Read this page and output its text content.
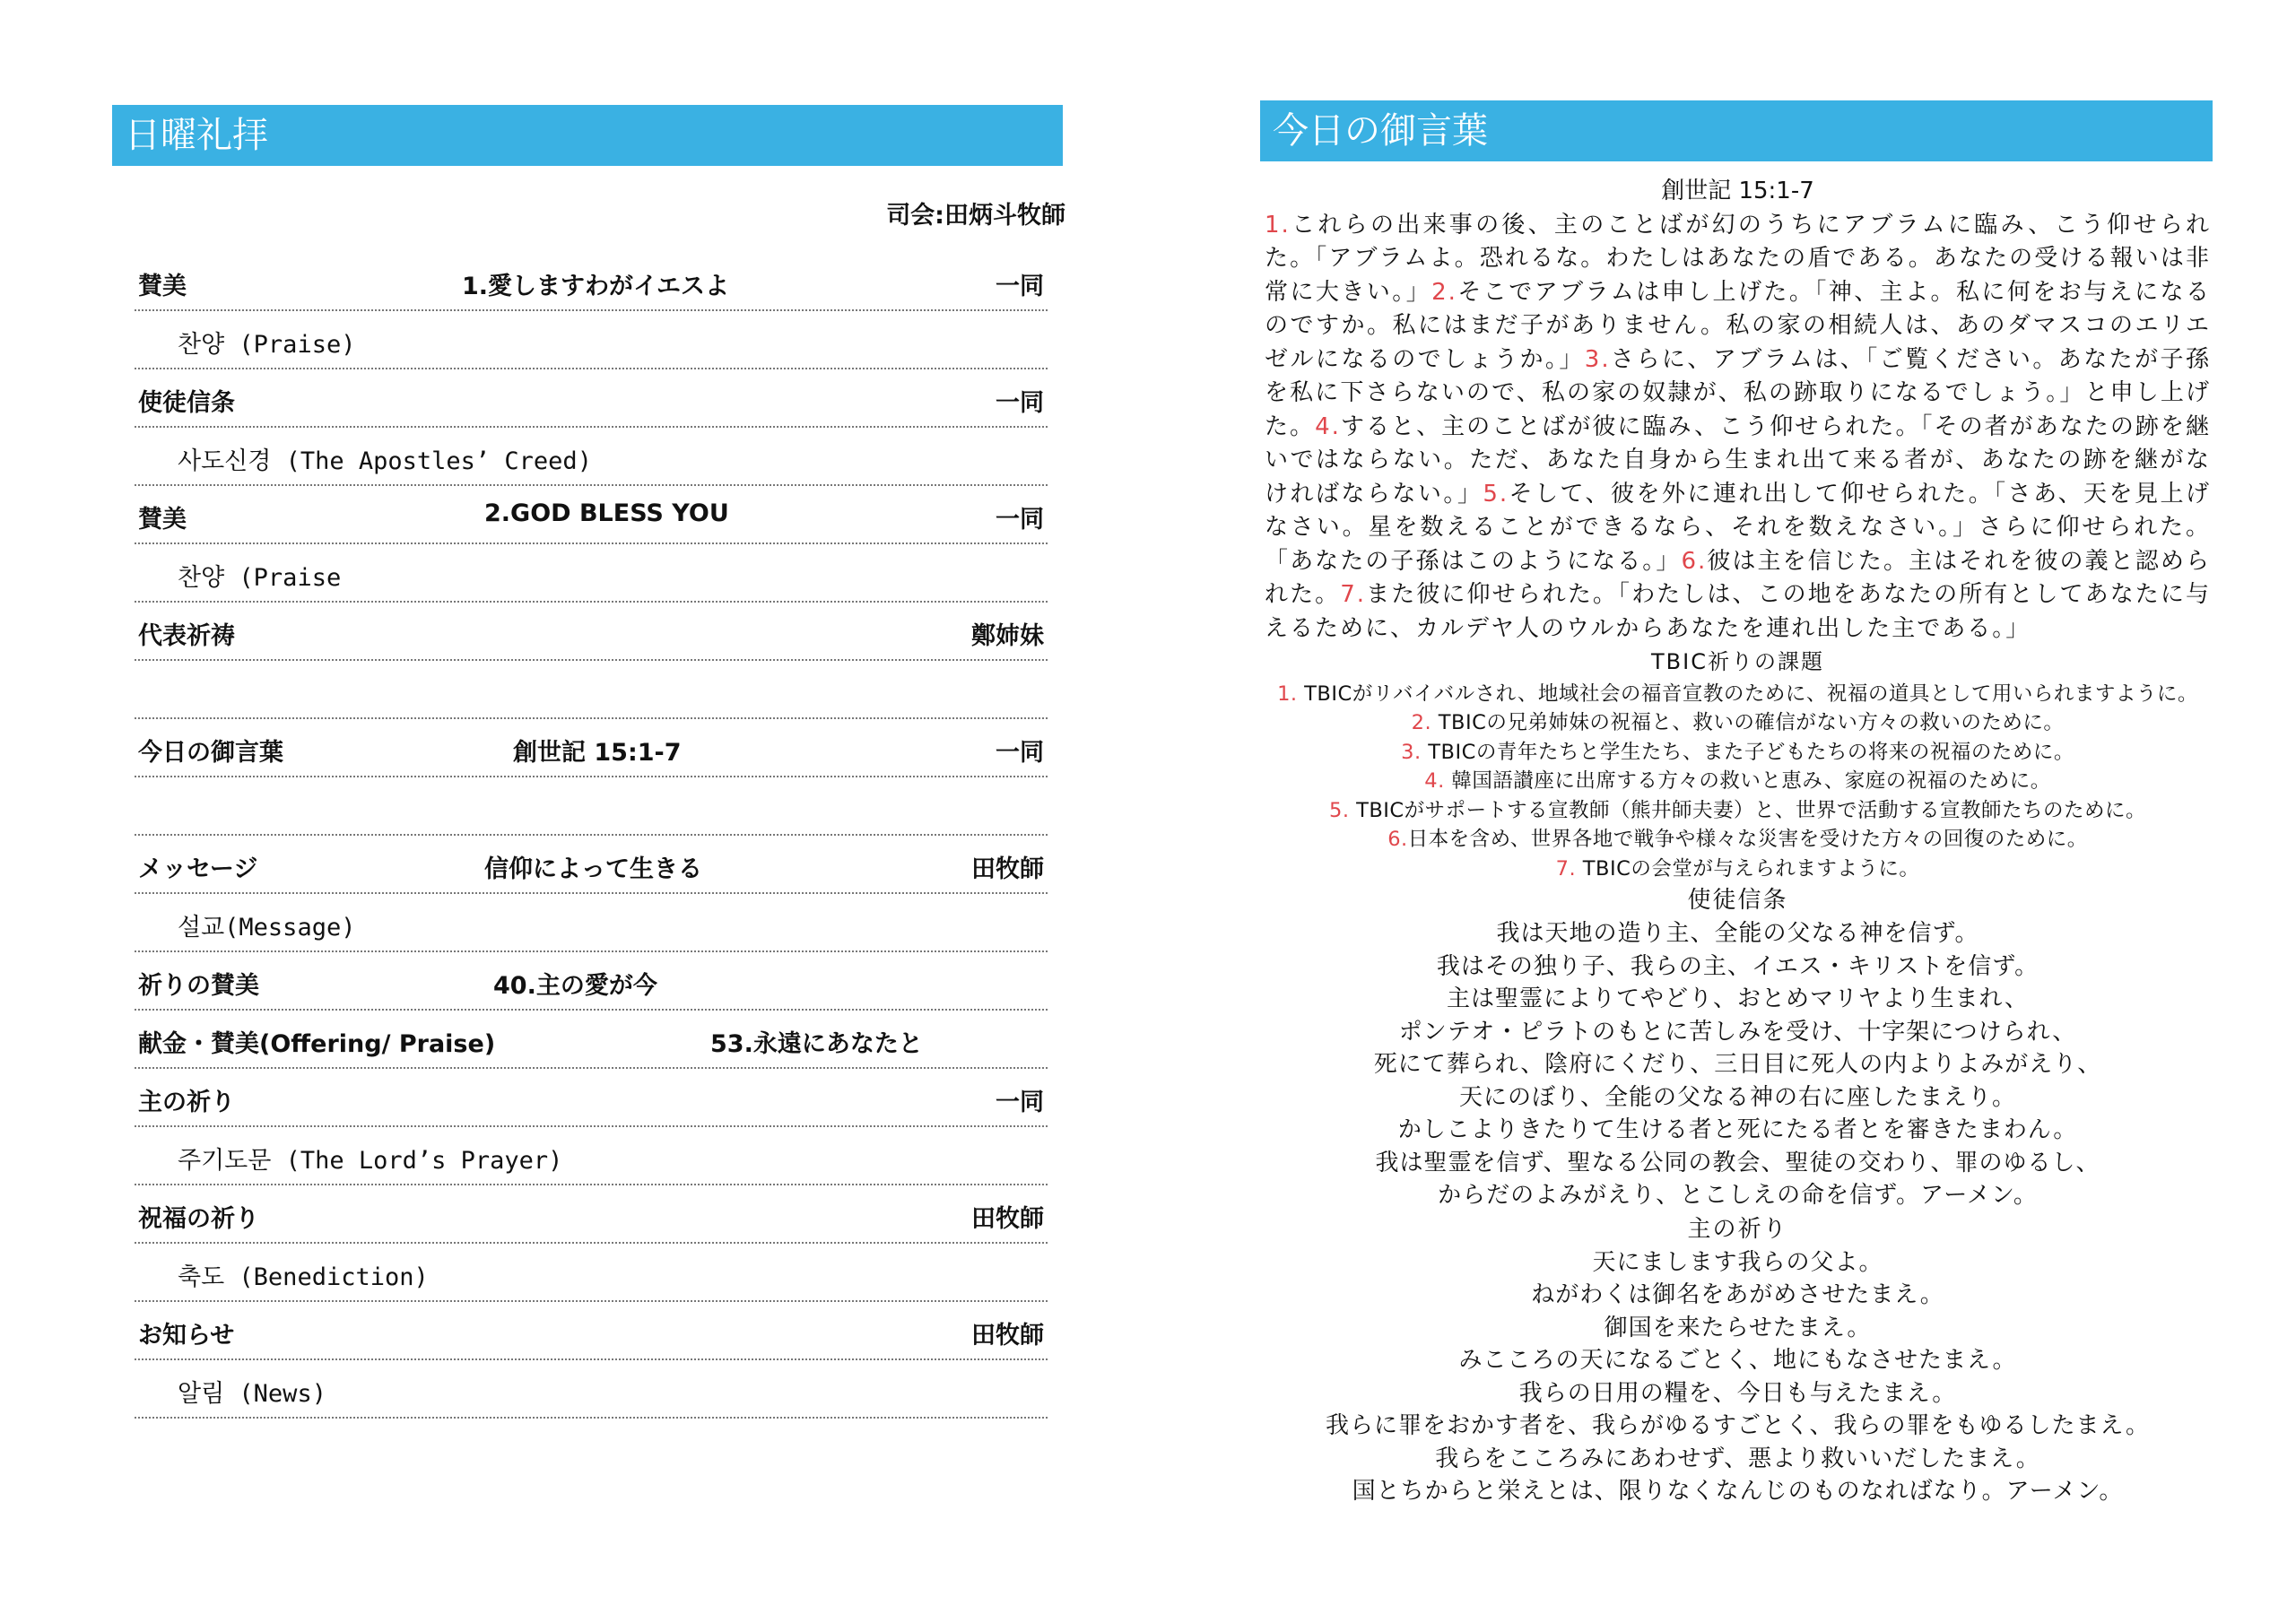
日曜礼拝
司会:田炳斗牧師
賛美	1.愛しますわがイエスよ	一同
찬양 (Praise)
使徒信条	一同
사도신경 (The Apostles’ Creed)
賛美	2.GOD BLESS YOU	一同
찬양 (Praise
代表祈祷	鄭姉妹
今日の御言葉	創世記 15:1-7	一同
メッセージ	信仰によって生きる	田牧師
설교(Message)
祈りの賛美	40.主の愛が今
献金・賛美(Offering/ Praise)	53.永遠にあなたと
主の祈り	一同
주기도문 (The Lord’s Prayer)
祝福の祈り	田牧師
축도 (Benediction)
お知らせ	田牧師
알림 (News)
今日の御言葉
創世記 15:1-7
1.これらの出来事の後、主のことばが幻のうちにアブラムに臨み、こう仰せられた。「アブラムよ。恐れるな。わたしはあなたの盾である。あなたの受ける報いは非常に大きい。」2.そこでアブラムは申し上げた。「神、主よ。私に何をお与えになるのですか。私にはまだ子がありません。私の家の相続人は、あのダマスコのエリエゼルになるのでしょうか。」3.さらに、アブラムは、「ご覧ください。あなたが子孫を私に下さらないので、私の家の奴隷が、私の跡取りになるでしょう。」と申し上げた。4.すると、主のことばが彼に臨み、こう仰せられた。「その者があなたの跡を継いではならない。ただ、あなた自身から生まれ出て来る者が、あなたの跡を継がなければならない。」5.そして、彼を外に連れ出して仰せられた。「さあ、天を見上げなさい。星を数えることができるなら、それを数えなさい。」さらに仰せられた。「あなたの子孫はこのようになる。」6.彼は主を信じた。主はそれを彼の義と認められた。7.また彼に仰せられた。「わたしは、この地をあなたの所有としてあなたに与えるために、カルデヤ人のウルからあなたを連れ出した主である。」
TBIC祈りの課題
1. TBICがリバイバルされ、地域社会の福音宣教のために、祝福の道具として用いられますように。
2. TBICの兄弟姉妹の祝福と、救いの確信がない方々の救いのために。
3. TBICの青年たちと学生たち、また子どもたちの将来の祝福のために。
4. 韓国語讃座に出席する方々の救いと恵み、家庭の祝福のために。
5. TBICがサポートする宣教師（熊井師夫妻）と、世界で活動する宣教師たちのために。
6.日本を含め、世界各地で戦争や様々な災害を受けた方々の回復のために。
7. TBICの会堂が与えられますように。
使徒信条
我は天地の造り主、全能の父なる神を信ず。
我はその独り子、我らの主、イエス・キリストを信ず。
主は聖霊によりてやどり、おとめマリヤより生まれ、
ポンテオ・ピラトのもとに苦しみを受け、十字架につけられ、
死にて葬られ、陰府にくだり、三日目に死人の内よりよみがえり、
天にのぼり、全能の父なる神の右に座したまえり。
かしこよりきたりて生ける者と死にたる者とを審きたまわん。
我は聖霊を信ず、聖なる公同の教会、聖徒の交わり、罪のゆるし、
からだのよみがえり、とこしえの命を信ず。アーメン。
主の祈り
天にまします我らの父よ。
ねがわくは御名をあがめさせたまえ。
御国を来たらせたまえ。
みこころの天になるごとく、地にもなさせたまえ。
我らの日用の糧を、今日も与えたまえ。
我らに罪をおかす者を、我らがゆるすごとく、我らの罪をもゆるしたまえ。
我らをこころみにあわせず、悪より救いいだしたまえ。
国とちからと栄えとは、限りなくなんじのものなればなり。アーメン。
